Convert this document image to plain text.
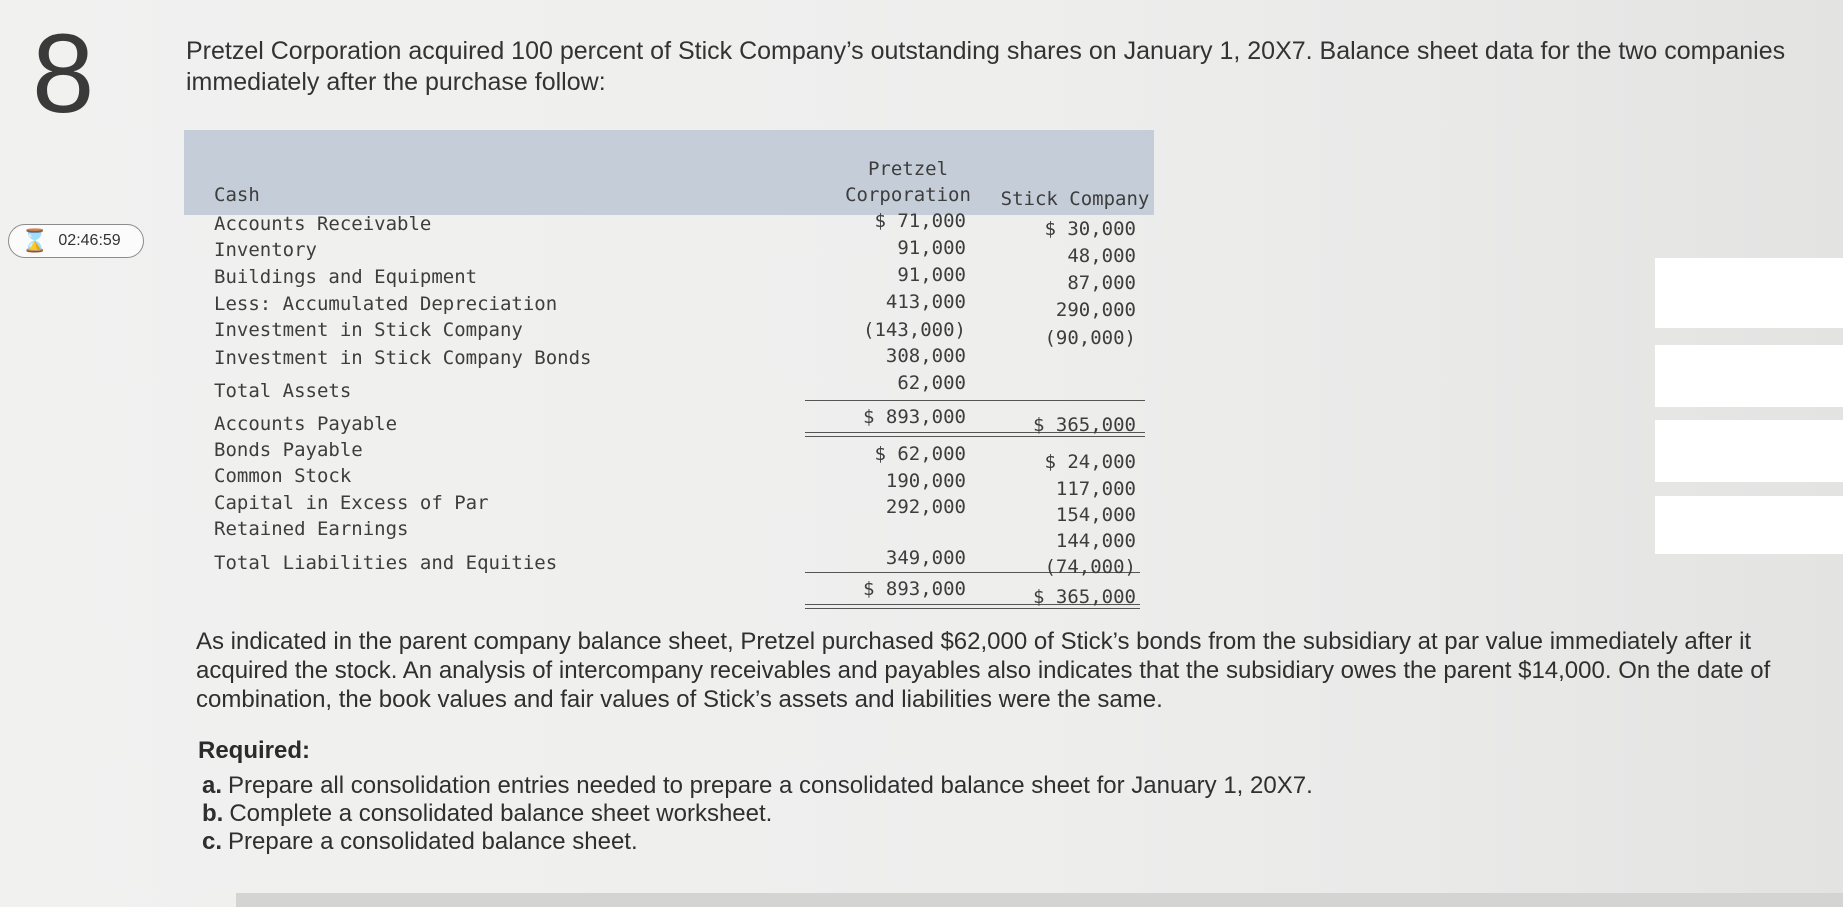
8
⌛ 02:46:59
Pretzel Corporation acquired 100 percent of Stick Company’s outstanding shares on January 1, 20X7. Balance sheet data for the two companies immediately after the purchase follow:
Pretzel
Corporation	Stick Company
Cash
Accounts Receivable
Inventory
Buildings and Equipment
Less: Accumulated Depreciation
Investment in Stick Company
Investment in Stick Company Bonds
Total Assets
Accounts Payable
Bonds Payable
Common Stock
Capital in Excess of Par
Retained Earnings
Total Liabilities and Equities
$ 71,000
91,000
91,000
413,000
(143,000)
308,000
62,000
$ 893,000
$ 62,000
190,000
292,000
349,000
$ 893,000
$ 30,000
48,000
87,000
290,000
(90,000)
$ 365,000
$ 24,000
117,000
154,000
144,000
(74,000)
$ 365,000
As indicated in the parent company balance sheet, Pretzel purchased $62,000 of Stick’s bonds from the subsidiary at par value immediately after it acquired the stock. An analysis of intercompany receivables and payables also indicates that the subsidiary owes the parent $14,000. On the date of combination, the book values and fair values of Stick’s assets and liabilities were the same.
Required:
a. Prepare all consolidation entries needed to prepare a consolidated balance sheet for January 1, 20X7.
b. Complete a consolidated balance sheet worksheet.
c. Prepare a consolidated balance sheet.
